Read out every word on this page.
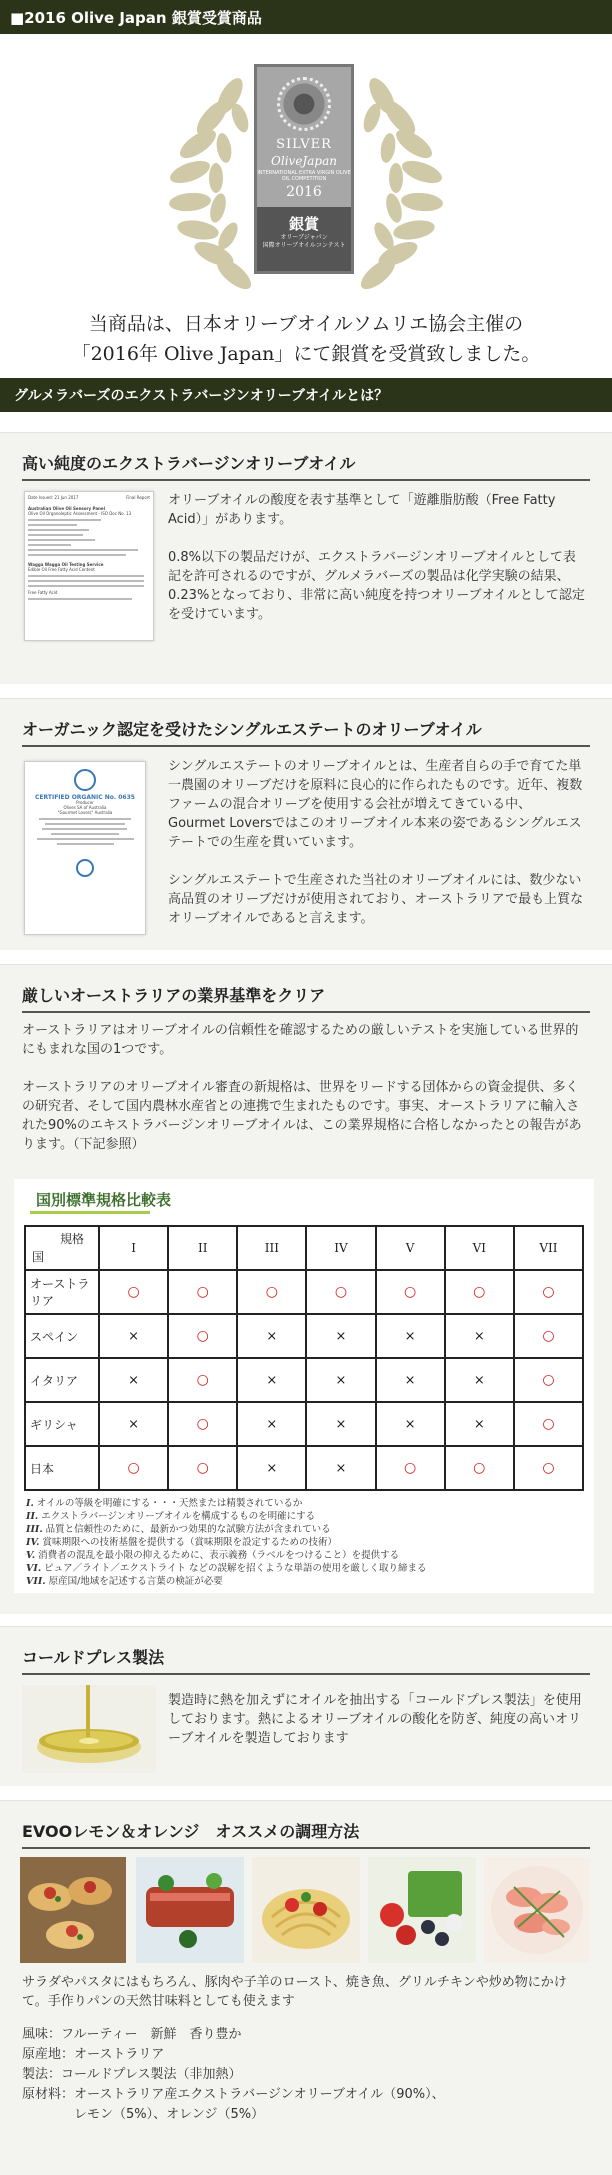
■2016 Olive Japan 銀賞受賞商品
SILVER
OliveJapan
INTERNATIONAL EXTRA VIRGIN OLIVE OIL COMPETITION
2016
銀賞
オリーブジャパン
国際オリーブオイルコンテスト
当商品は、日本オリーブオイルソムリエ協会主催の
「2016年 Olive Japan」にて銀賞を受賞致しました。
グルメラバーズのエクストラバージンオリーブオイルとは？
高い純度のエクストラバージンオリーブオイル
Date Issued: 21 Jun 2017	Final Report
Australian Olive Oil Sensory Panel
Olive Oil Organoleptic Assessment - ISO Doc No. 13
Wagga Wagga Oil Testing Service
Edible Oil Free Fatty Acid Content
Free Fatty Acid

オリーブオイルの酸度を表す基準として「遊離脂肪酸（Free Fatty Acid）」があります。

0.8%以下の製品だけが、エクストラバージンオリーブオイルとして表記を許可されるのですが、グルメラバーズの製品は化学実験の結果、0.23%となっており、非常に高い純度を持つオリーブオイルとして認定を受けています。

オーガニック認定を受けたシングルエステートのオリーブオイル
CERTIFIED ORGANIC No. 0635
Producer
Olives SA of Australia
"Gourmet Lovers" Australia

シングルエステートのオリーブオイルとは、生産者自らの手で育てた単一農園のオリーブだけを原料に良心的に作られたものです。近年、複数ファームの混合オリーブを使用する会社が増えてきている中、Gourmet Loversではこのオリーブオイル本来の姿であるシングルエステートでの生産を貫いています。

シングルエステートで生産された当社のオリーブオイルには、数少ない高品質のオリーブだけが使用されており、オーストラリアで最も上質なオリーブオイルであると言えます。

厳しいオーストラリアの業界基準をクリア

オーストラリアはオリーブオイルの信頼性を確認するための厳しいテストを実施している世界的にもまれな国の1つです。

オーストラリアのオリーブオイル審査の新規格は、世界をリードする団体からの資金提供、多くの研究者、そして国内農林水産省との連携で生まれたものです。事実、オーストラリアに輸入された90%のエキストラバージンオリーブオイルは、この業界規格に合格しなかったとの報告があります。（下記参照）

国別標準規格比較表
規格
国	I	II	III	IV	V	VI	VII
オーストラリア	○	○	○	○	○	○	○
スペイン	×	○	×	×	×	×	○
イタリア	×	○	×	×	×	×	○
ギリシャ	×	○	×	×	×	×	○
日本	○	○	×	×	○	○	○
I. オイルの等級を明確にする・・・天然または精製されているか
II. エクストラバージンオリーブオイルを構成するものを明確にする
III. 品質と信頼性のために、最新かつ効果的な試験方法が含まれている
IV. 賞味期限への技術基盤を提供する（賞味期限を設定するための技術）
V. 消費者の混乱を最小限の抑えるために、表示義務（ラベルをつけること）を提供する
VI. ピュア／ライト／エクストライト などの誤解を招くような単語の使用を厳しく取り締まる
VII. 原産国/地域を記述する言葉の検証が必要
コールドプレス製法

製造時に熱を加えずにオイルを抽出する「コールドプレス製法」を使用しております。熱によるオリーブオイルの酸化を防ぎ、純度の高いオリーブオイルを製造しております

EVOOレモン＆オレンジ　オススメの調理方法

サラダやパスタにはもちろん、豚肉や子羊のロースト、焼き魚、グリルチキンや炒め物にかけて。手作りパンの天然甘味料としても使えます

風味：フルーティー　新鮮　香り豊か
原産地：オーストラリア
製法：コールドプレス製法（非加熱）
原材料：オーストラリア産エクストラバージンオリーブオイル（90%）、
　　　　レモン（5%）、オレンジ（5%）
